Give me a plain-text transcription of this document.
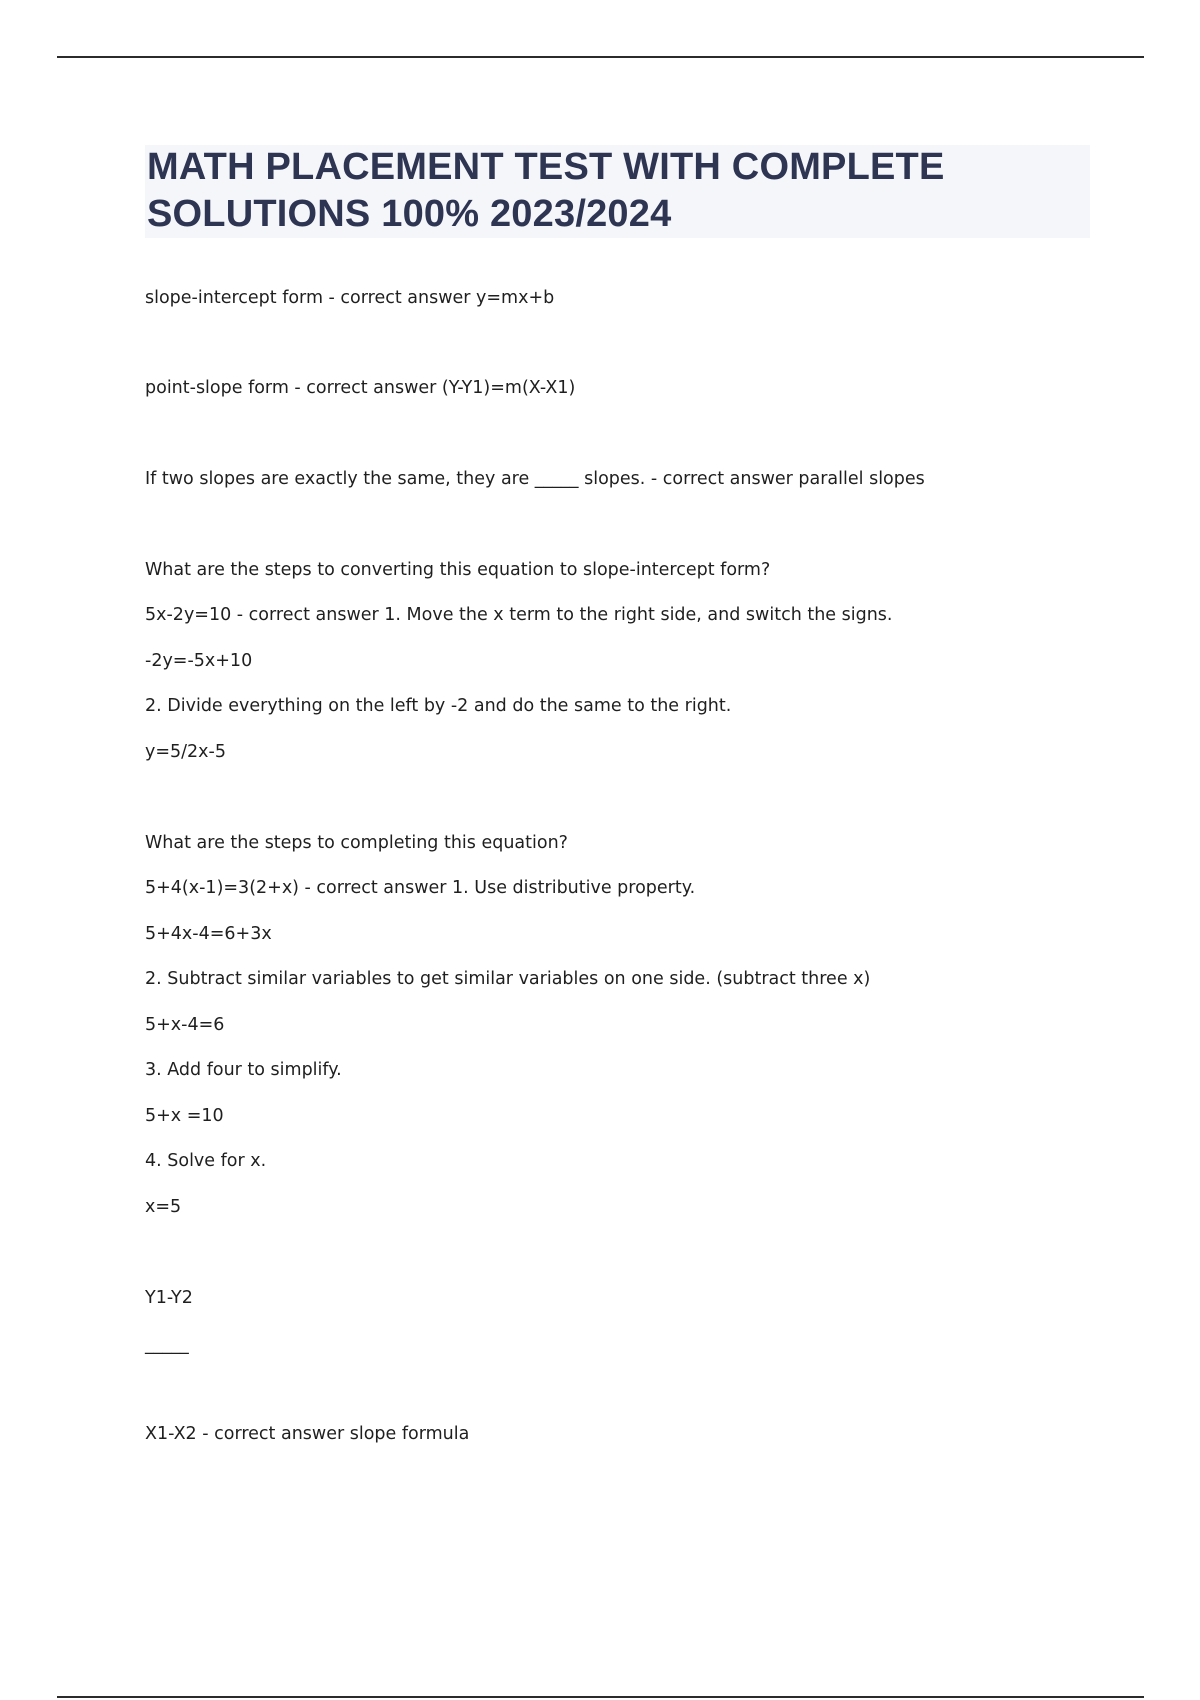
MATH PLACEMENT TEST WITH COMPLETE
SOLUTIONS 100% 2023/2024

slope-intercept form - correct answer y=mx+b

point-slope form - correct answer (Y-Y1)=m(X-X1)

If two slopes are exactly the same, they are _____ slopes. - correct answer parallel slopes

What are the steps to converting this equation to slope-intercept form?

5x-2y=10 - correct answer 1. Move the x term to the right side, and switch the signs.

-2y=-5x+10

2. Divide everything on the left by -2 and do the same to the right.

y=5/2x-5

What are the steps to completing this equation?

5+4(x-1)=3(2+x) - correct answer 1. Use distributive property.

5+4x-4=6+3x

2. Subtract similar variables to get similar variables on one side. (subtract three x)

5+x-4=6

3. Add four to simplify.

5+x =10

4. Solve for x.

x=5

Y1-Y2

_____

X1-X2 - correct answer slope formula
